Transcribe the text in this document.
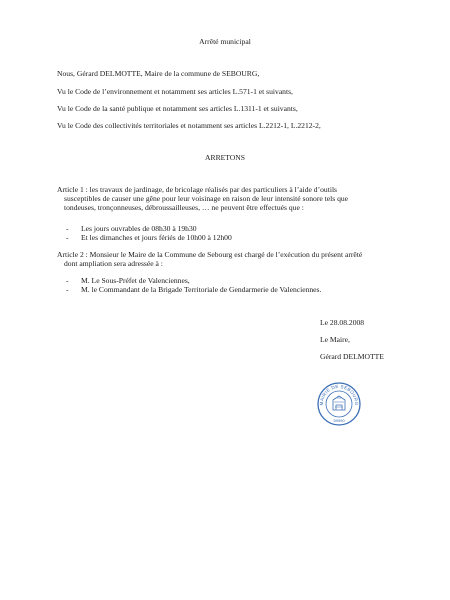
Arrêté municipal
Nous, Gérard DELMOTTE, Maire de la commune de SEBOURG,
Vu le Code de l’environnement et notamment ses articles L.571-1 et suivants,
Vu le Code de la santé publique et notamment ses articles L.1311-1 et suivants,
Vu le Code des collectivités territoriales et notamment ses articles L.2212-1, L.2212-2,
ARRETONS
Article 1 : les travaux de jardinage, de bricolage réalisés par des particuliers à l’aide d’outils
susceptibles de causer une gêne pour leur voisinage en raison de leur intensité sonore tels que
tondeuses, tronçonneuses, débroussailleuses, … ne peuvent être effectués que :
- Les jours ouvrables de 08h30 à 19h30
- Et les dimanches et jours fériés de 10h00 à 12h00
Article 2 : Monsieur le Maire de la Commune de Sebourg est chargé de l’exécution du présent arrêté
dont ampliation sera adressée à :
- M. Le Sous-Préfet de Valenciennes,
- M. le Commandant de la Brigade Territoriale de Gendarmerie de Valenciennes.
Le 28.08.2008
Le Maire,
Gérard DELMOTTE
MAIRIE DE SEBOURG
59990
